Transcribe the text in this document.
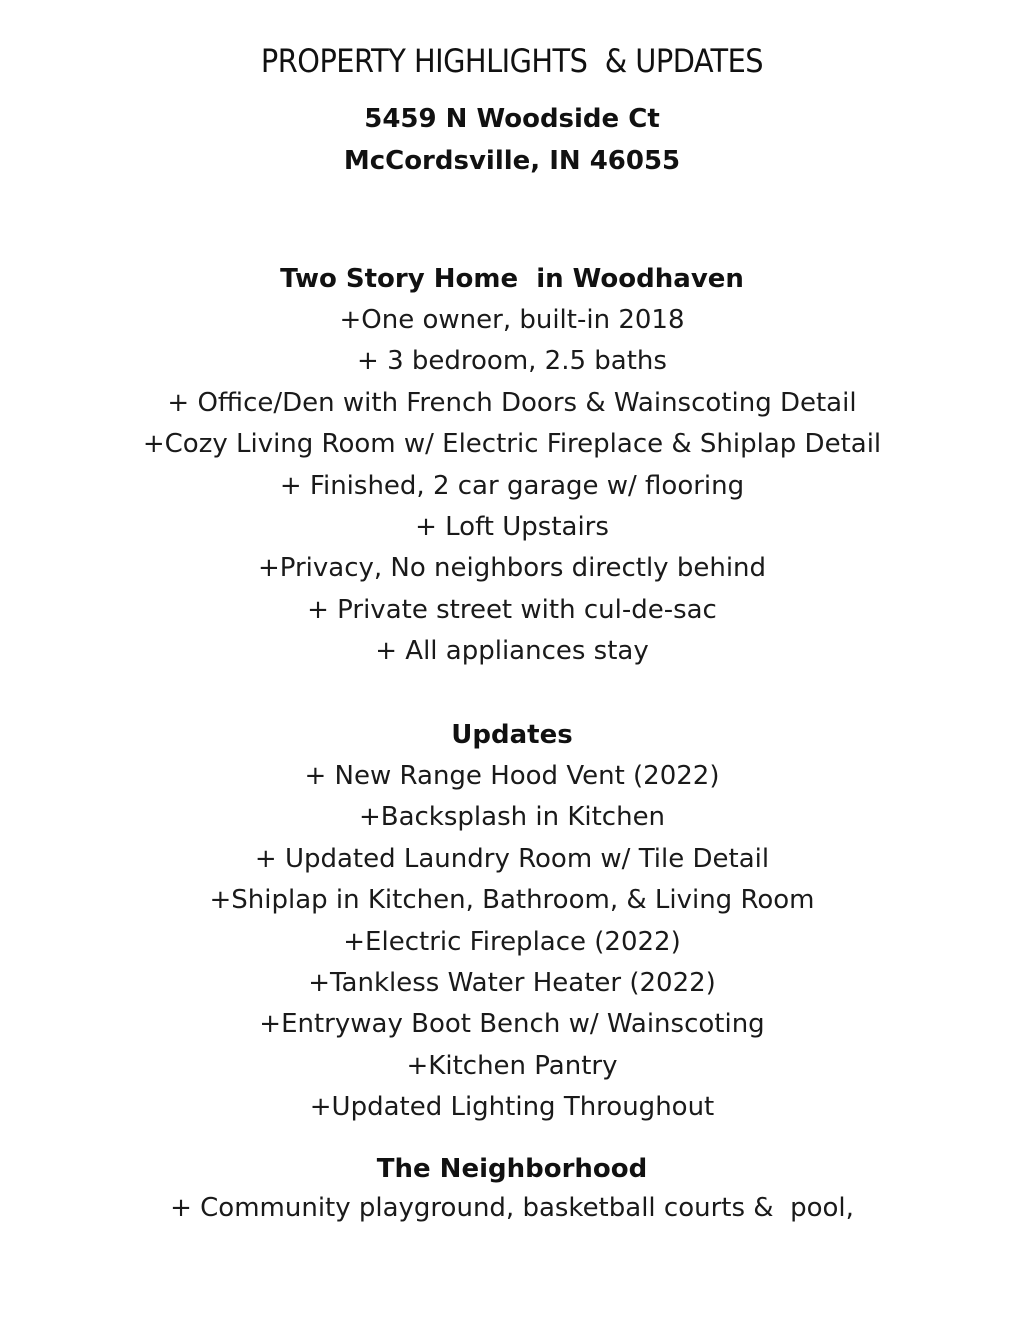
PROPERTY HIGHLIGHTS  & UPDATES
5459 N Woodside Ct
McCordsville, IN 46055
Two Story Home  in Woodhaven
+One owner, built-in 2018
+ 3 bedroom, 2.5 baths
+ Office/Den with French Doors & Wainscoting Detail
+Cozy Living Room w/ Electric Fireplace & Shiplap Detail
+ Finished, 2 car garage w/ flooring
+ Loft Upstairs
+Privacy, No neighbors directly behind
+ Private street with cul-de-sac
+ All appliances stay
Updates
+ New Range Hood Vent (2022)
+Backsplash in Kitchen
+ Updated Laundry Room w/ Tile Detail
+Shiplap in Kitchen, Bathroom, & Living Room
+Electric Fireplace (2022)
+Tankless Water Heater (2022)
+Entryway Boot Bench w/ Wainscoting
+Kitchen Pantry
+Updated Lighting Throughout
The Neighborhood
+ Community playground, basketball courts &  pool,
